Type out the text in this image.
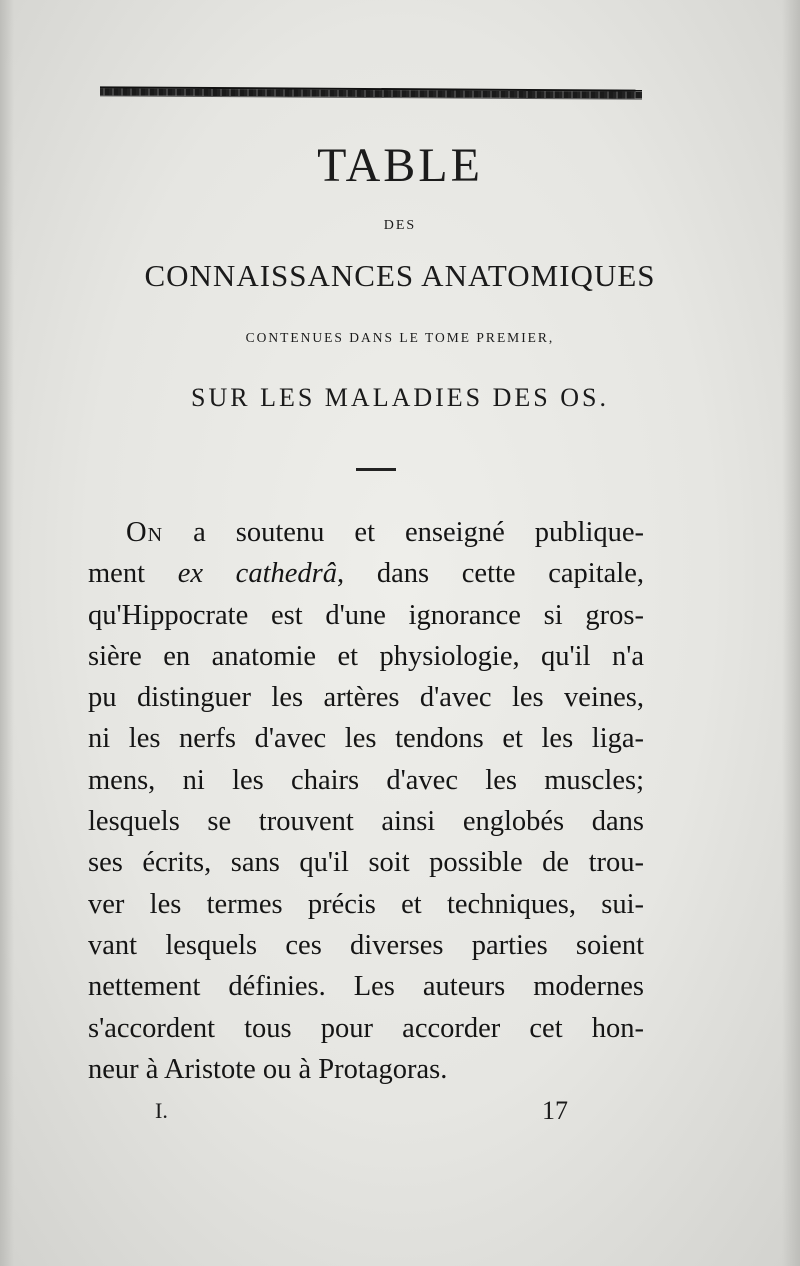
TABLE

DES

CONNAISSANCES ANATOMIQUES

CONTENUES DANS LE TOME PREMIER,

SUR LES MALADIES DES OS.

On a soutenu et enseigné publique-
ment ex cathedrâ, dans cette capitale,
qu'Hippocrate est d'une ignorance si gros-
sière en anatomie et physiologie, qu'il n'a
pu distinguer les artères d'avec les veines,
ni les nerfs d'avec les tendons et les liga-
mens, ni les chairs d'avec les muscles;
lesquels se trouvent ainsi englobés dans
ses écrits, sans qu'il soit possible de trou-
ver les termes précis et techniques, sui-
vant lesquels ces diverses parties soient
nettement définies. Les auteurs modernes
s'accordent tous pour accorder cet hon-
neur à Aristote ou à Protagoras.

I.	17
